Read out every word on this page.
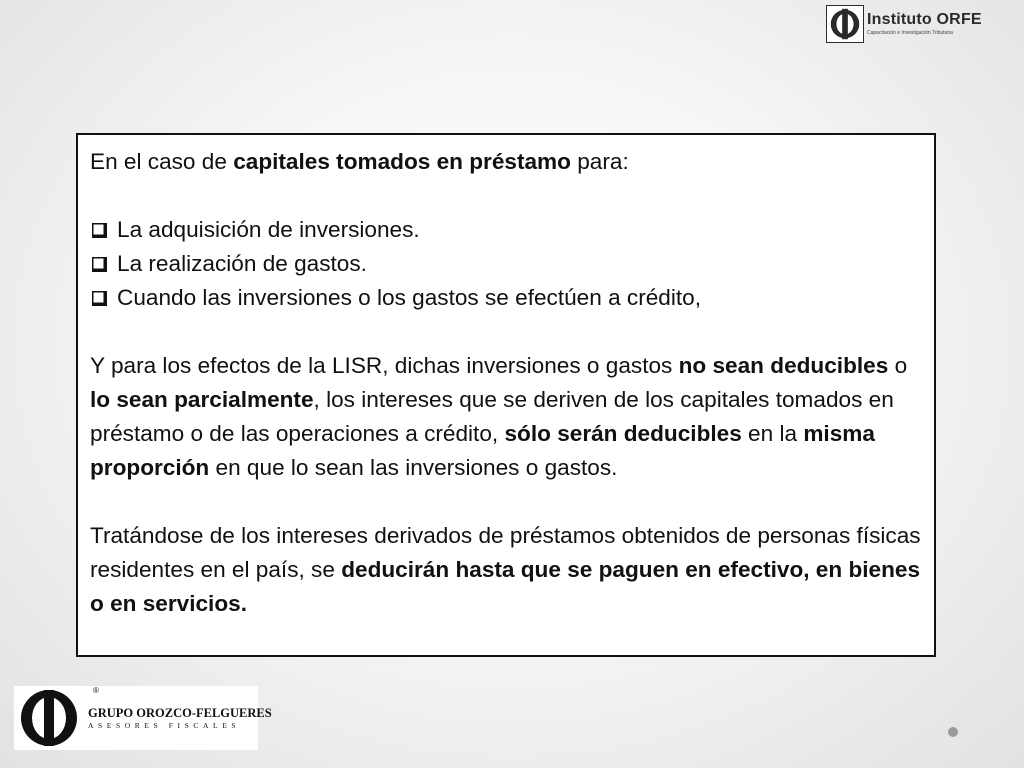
Instituto ORFE
Capacitación e Investigación Tributaria

En el caso de capitales tomados en préstamo para:

La adquisición de inversiones.
La realización de gastos.
Cuando las inversiones o los gastos se efectúen a crédito,

Y para los efectos de la LISR, dichas inversiones o gastos no sean deducibles o lo sean parcialmente, los intereses que se deriven de los capitales tomados en préstamo o de las operaciones a crédito, sólo serán deducibles en la misma proporción en que lo sean las inversiones o gastos.

Tratándose de los intereses derivados de préstamos obtenidos de personas físicas residentes en el país, se deducirán hasta que se paguen en efectivo, en bienes o en servicios.

®
GRUPO OROZCO-FELGUERES
ASESORES FISCALES
